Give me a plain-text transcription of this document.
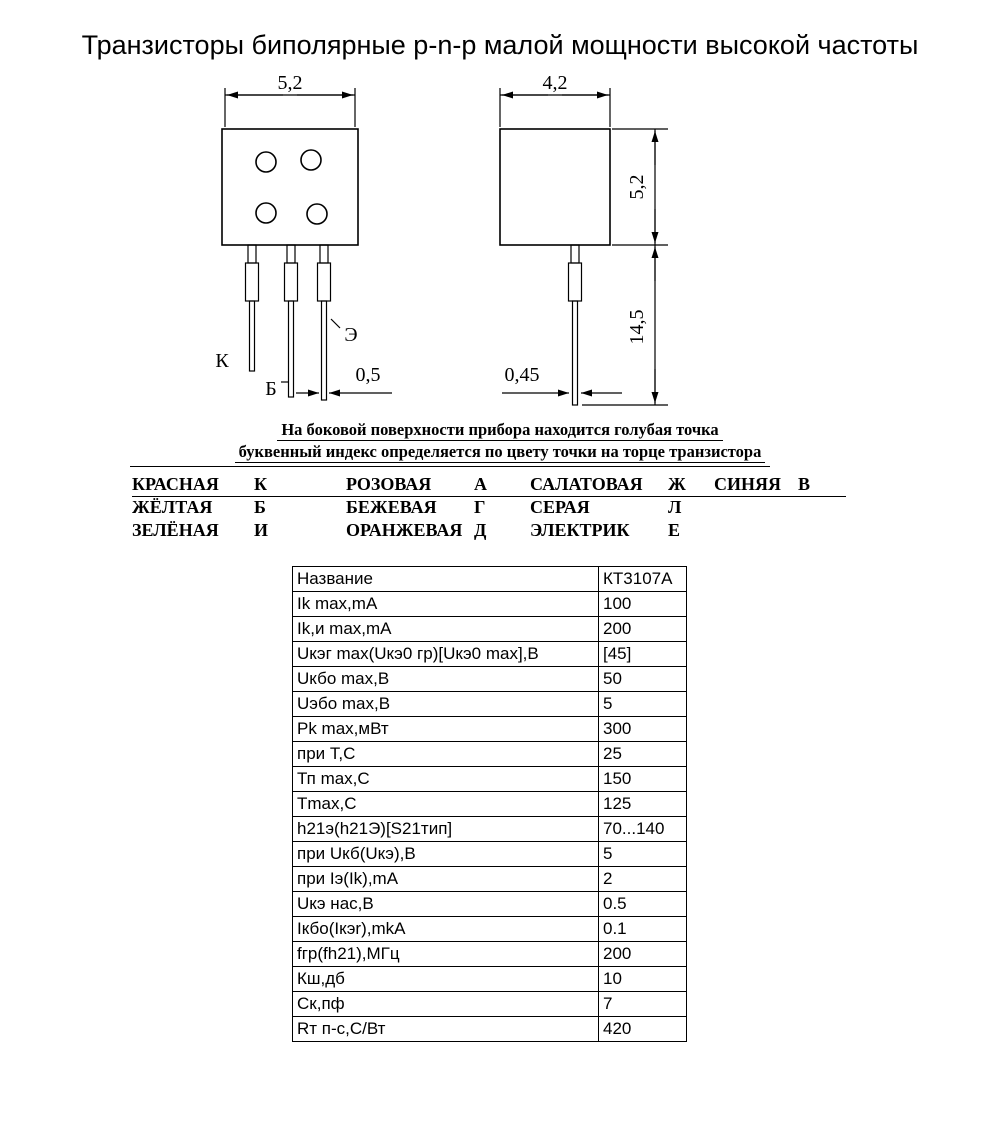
Транзисторы биполярные p-n-p малой мощности высокой частоты
5,2
0,5
К
Б
Э
4,2
5,2
14,5
0,45
На боковой поверхности прибора находится голубая точка
буквенный индекс определяется по цвету точки на торце транзистора
КРАСНАЯ	К	РОЗОВАЯ	А	САЛАТОВАЯ	Ж	СИНЯЯ	В
ЖЁЛТАЯ	Б	БЕЖЕВАЯ	Г	СЕРАЯ	Л		
ЗЕЛЁНАЯ	И	ОРАНЖЕВАЯ	Д	ЭЛЕКТРИК	Е		
Название	КТ3107А
Ik max,mA	100
Ik,и max,mA	200
Uкэг max(Uкэ0 гр)[Uкэ0 max],В	[45]
Uкбо max,В	50
Uэбо max,В	5
Pk max,мВт	300
при Т,С	25
Тп max,С	150
Tmax,С	125
h21э(h21Э)[S21тип]	70...140
при Uкб(Uкэ),В	5
при Iэ(Ik),mA	2
Uкэ нас,В	0.5
Iкбо(Iкэr),mkA	0.1
fгр(fh21),МГц	200
Кш,дб	10
Ск,пф	7
Rт п-с,С/Вт	420
